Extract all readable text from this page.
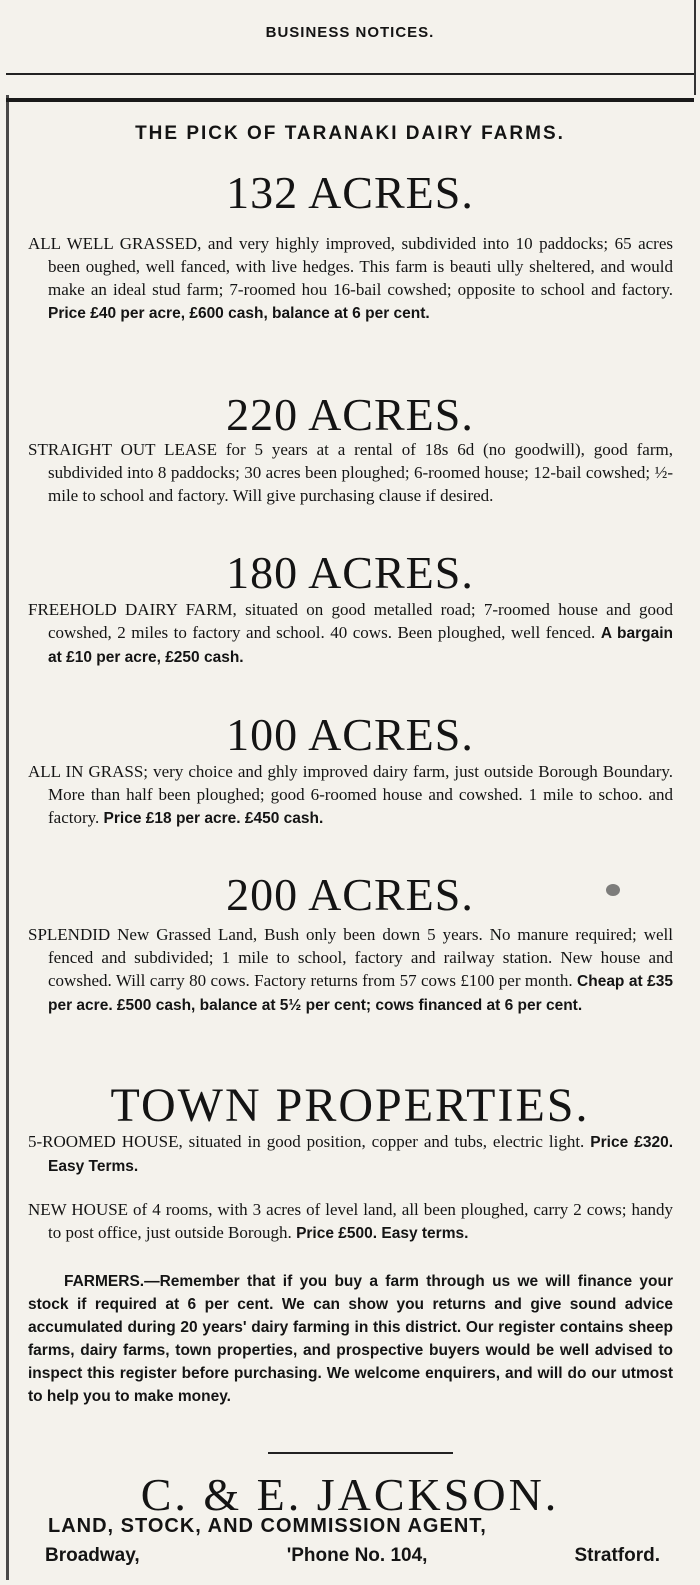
BUSINESS NOTICES.
THE PICK OF TARANAKI DAIRY FARMS.
132 ACRES.
ALL WELL GRASSED, and very highly improved, subdivided into 10 paddocks; 65 acres been oughed, well fanced, with live hedges. This farm is beauti ully sheltered, and would make an ideal stud farm; 7-roomed hou 16-bail cowshed; opposite to school and factory. Price £40 per acre, £600 cash, balance at 6 per cent.
220 ACRES.
STRAIGHT OUT LEASE for 5 years at a rental of 18s 6d (no goodwill), good farm, subdivided into 8 paddocks; 30 acres been ploughed; 6-roomed house; 12-bail cowshed; ½-mile to school and factory. Will give purchasing clause if desired.
180 ACRES.
FREEHOLD DAIRY FARM, situated on good metalled road; 7-roomed house and good cowshed, 2 miles to factory and school. 40 cows. Been ploughed, well fenced. A bargain at £10 per acre, £250 cash.
100 ACRES.
ALL IN GRASS; very choice and ghly improved dairy farm, just outside Borough Boundary. More than half been ploughed; good 6-roomed house and cowshed. 1 mile to schoo. and factory. Price £18 per acre. £450 cash.
200 ACRES.
SPLENDID New Grassed Land, Bush only been down 5 years. No manure required; well fenced and subdivided; 1 mile to school, factory and railway station. New house and cowshed. Will carry 80 cows. Factory returns from 57 cows £100 per month. Cheap at £35 per acre. £500 cash, balance at 5½ per cent; cows financed at 6 per cent.
TOWN PROPERTIES.
5-ROOMED HOUSE, situated in good position, copper and tubs, electric light. Price £320. Easy Terms.
NEW HOUSE of 4 rooms, with 3 acres of level land, all been ploughed, carry 2 cows; handy to post office, just outside Borough. Price £500. Easy terms.
FARMERS.—Remember that if you buy a farm through us we will finance your stock if required at 6 per cent. We can show you returns and give sound advice accumulated during 20 years' dairy farming in this district. Our register contains sheep farms, dairy farms, town properties, and prospective buyers would be well advised to inspect this register before purchasing. We welcome enquirers, and will do our utmost to help you to make money.
C. & E. JACKSON.
LAND, STOCK, AND COMMISSION AGENT,
Broadway,	'Phone No. 104,	Stratford.
